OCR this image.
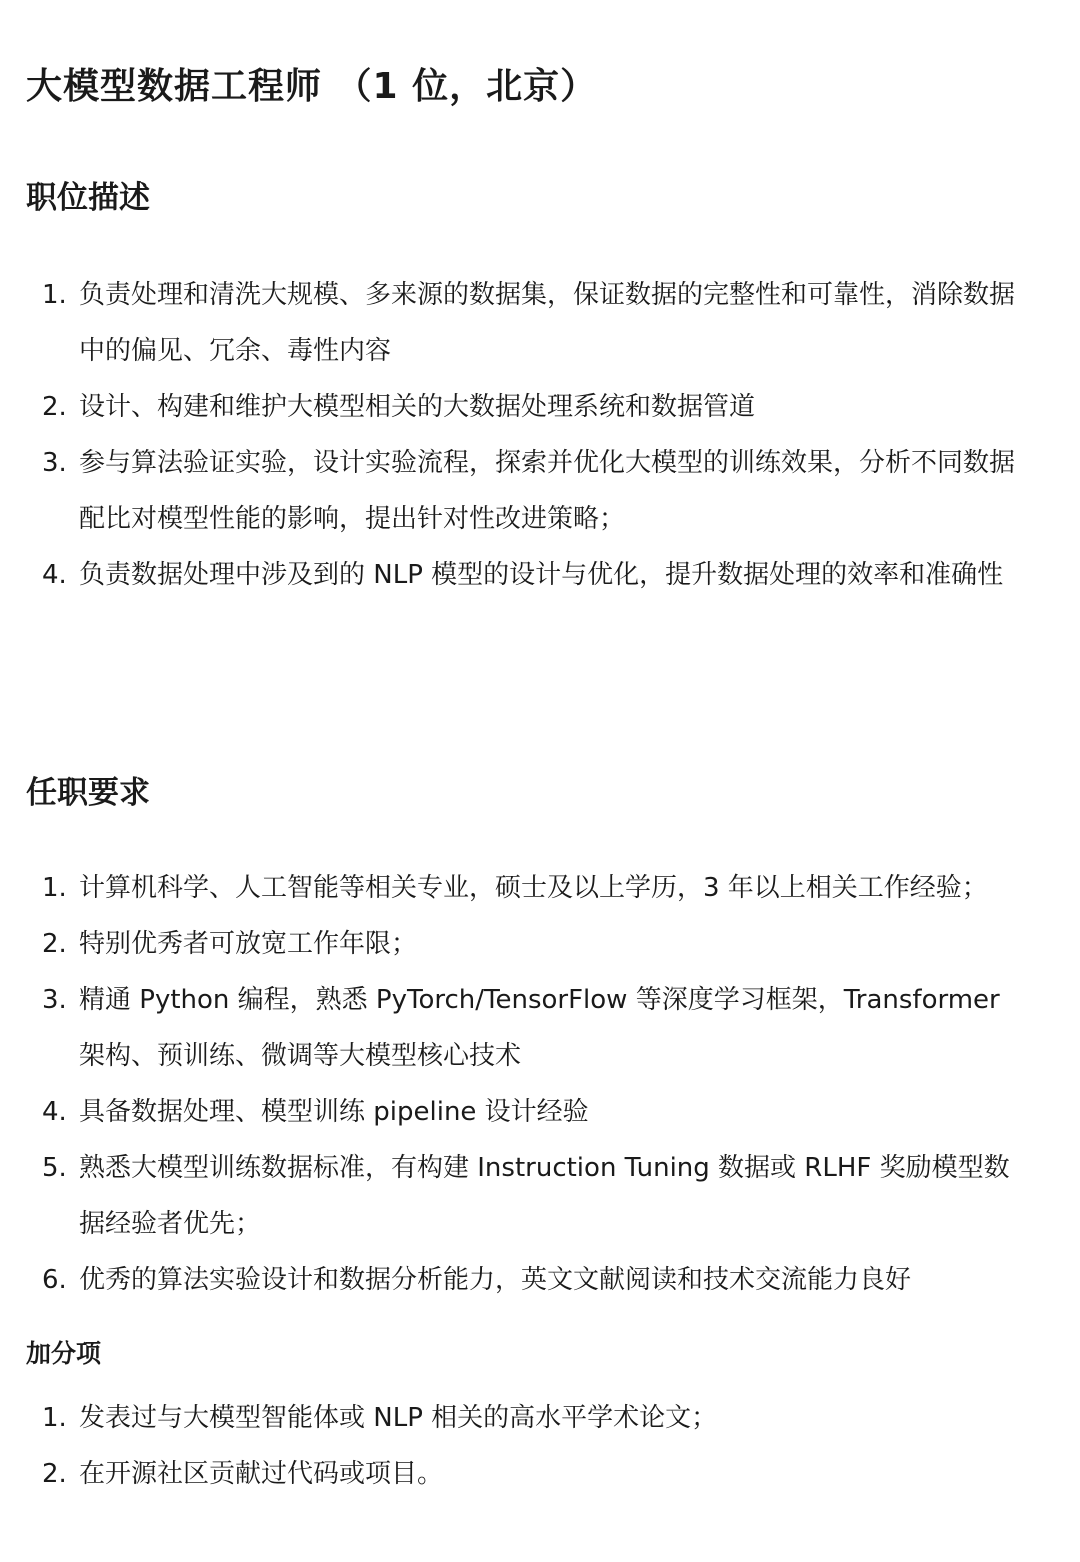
大模型数据工程师 （1 位，北京）
职位描述
1. 负责处理和清洗大规模、多来源的数据集，保证数据的完整性和可靠性，消除数据中的偏见、冗余、毒性内容
2. 设计、构建和维护大模型相关的大数据处理系统和数据管道
3. 参与算法验证实验，设计实验流程，探索并优化大模型的训练效果，分析不同数据配比对模型性能的影响，提出针对性改进策略；
4. 负责数据处理中涉及到的 NLP 模型的设计与优化，提升数据处理的效率和准确性
任职要求
1. 计算机科学、人工智能等相关专业，硕士及以上学历，3 年以上相关工作经验；
2. 特别优秀者可放宽工作年限；
3. 精通 Python 编程，熟悉 PyTorch/TensorFlow 等深度学习框架，Transformer 架构、预训练、微调等大模型核心技术
4. 具备数据处理、模型训练 pipeline 设计经验
5. 熟悉大模型训练数据标准，有构建 Instruction Tuning 数据或 RLHF 奖励模型数据经验者优先；
6. 优秀的算法实验设计和数据分析能力，英文文献阅读和技术交流能力良好
加分项
1. 发表过与大模型智能体或 NLP 相关的高水平学术论文；
2. 在开源社区贡献过代码或项目。
